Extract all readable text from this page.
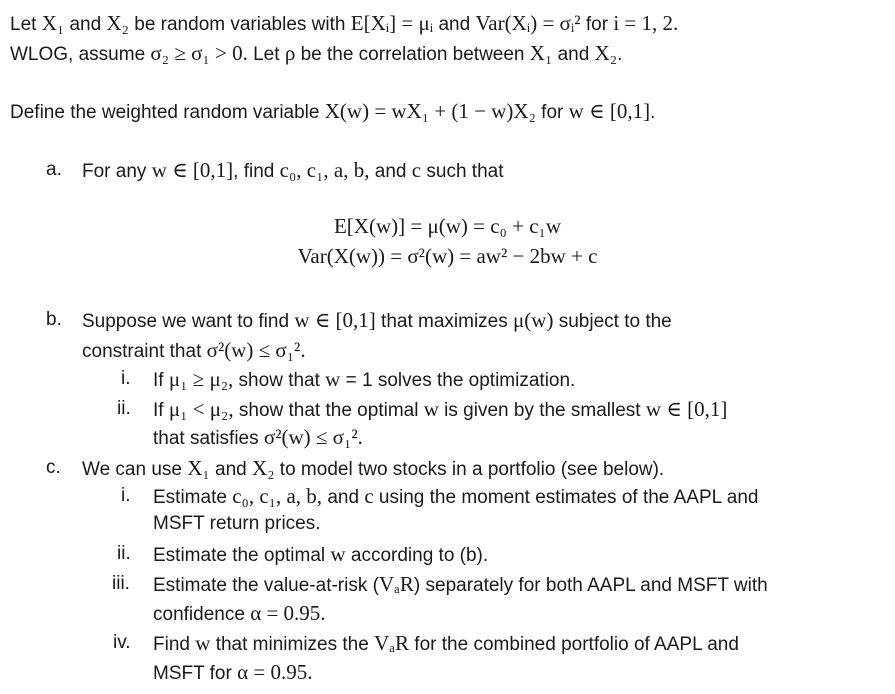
Let X₁ and X₂ be random variables with E[Xᵢ] = μᵢ and Var(Xᵢ) = σᵢ² for i = 1, 2.
WLOG, assume σ₂ ≥ σ₁ > 0. Let ρ be the correlation between X₁ and X₂.
Define the weighted random variable X(w) = wX₁ + (1 − w)X₂ for w ∈ [0,1].
a. For any w ∈ [0,1], find c₀, c₁, a, b, and c such that
E[X(w)] = μ(w) = c₀ + c₁w
Var(X(w)) = σ²(w) = aw² − 2bw + c
b. Suppose we want to find w ∈ [0,1] that maximizes μ(w) subject to the
constraint that σ²(w) ≤ σ₁².
i. If μ₁ ≥ μ₂, show that w = 1 solves the optimization.
ii. If μ₁ < μ₂, show that the optimal w is given by the smallest w ∈ [0,1]
that satisfies σ²(w) ≤ σ₁².
c. We can use X₁ and X₂ to model two stocks in a portfolio (see below).
i. Estimate c₀, c₁, a, b, and c using the moment estimates of the AAPL and
MSFT return prices.
ii. Estimate the optimal w according to (b).
iii. Estimate the value-at-risk (VₐR) separately for both AAPL and MSFT with
confidence α = 0.95.
iv. Find w that minimizes the VₐR for the combined portfolio of AAPL and
MSFT for α = 0.95.
